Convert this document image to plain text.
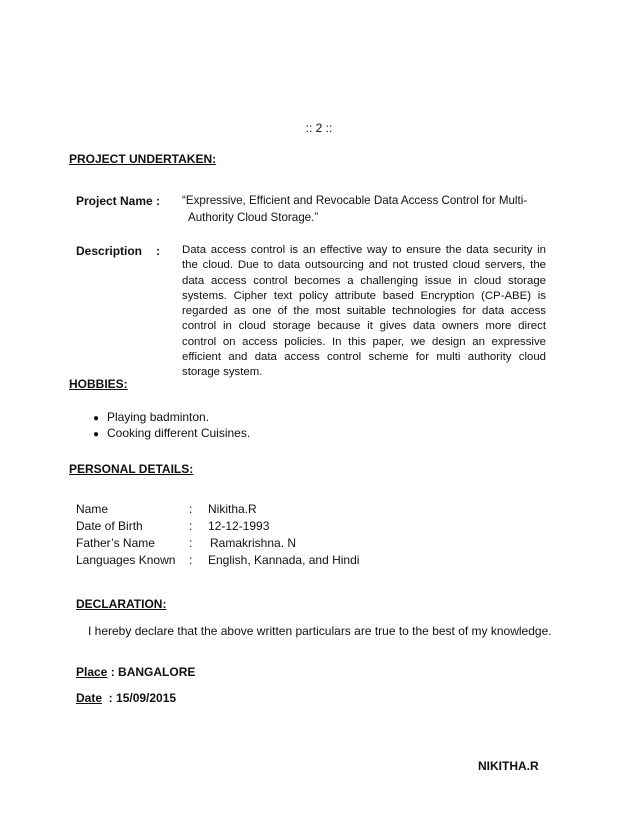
:: 2 ::
PROJECT UNDERTAKEN:
Project Name : “Expressive, Efficient and Revocable Data Access Control for Multi-
Authority Cloud Storage.”
Description : Data access control is an effective way to ensure the data security in the cloud. Due to data outsourcing and not trusted cloud servers, the data access control becomes a challenging issue in cloud storage systems. Cipher text policy attribute based Encryption (CP-ABE) is regarded as one of the most suitable technologies for data access control in cloud storage because it gives data owners more direct control on access policies. In this paper, we design an expressive efficient and data access control scheme for multi authority cloud storage system.
HOBBIES:
● Playing badminton.
● Cooking different Cuisines.
PERSONAL DETAILS:
Name	: Nikitha.R
Date of Birth	: 12-12-1993
Father’s Name	: Ramakrishna. N
Languages Known : English, Kannada, and Hindi
DECLARATION:
I hereby declare that the above written particulars are true to the best of my knowledge.
Place : BANGALORE
Date  : 15/09/2015
NIKITHA.R
